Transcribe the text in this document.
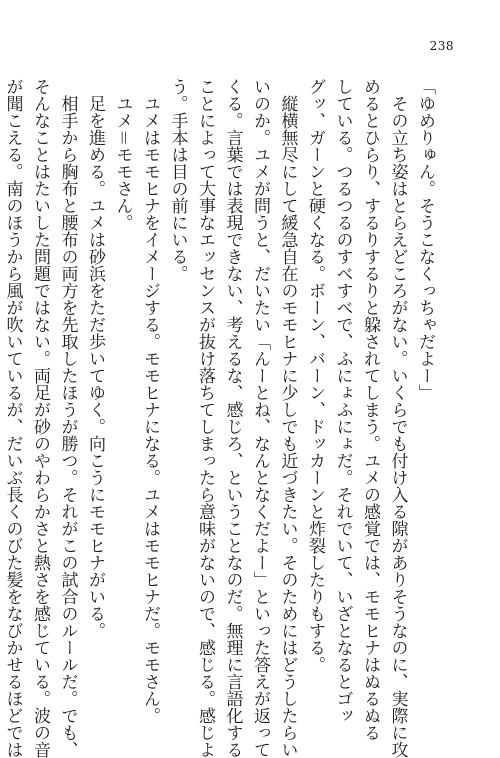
238
「ゆめりゅん。そうこなくっちゃだよー」
　その立ち姿はとらえどころがない。いくらでも付け入る隙がありそうなのに、実際に攻
めるとひらり、するりするりと躱されてしまう。ユメの感覚では、モモヒナはぬるぬる
している。つるつるのすべすべで、ふにょふにょだ。それでいて、いざとなるとゴッ
グッ、ガーンと硬くなる。ボーン、バーン、ドッカーンと炸裂したりもする。
　縦横無尽にして緩急自在のモモヒナに少しでも近づきたい。そのためにはどうしたらい
いのか。ユメが問うと、だいたい「んーとね、なんとなくだよー」といった答えが返って
くる。言葉では表現できない、考えるな、感じろ、ということなのだ。無理に言語化する
ことによって大事なエッセンスが抜け落ちてしまったら意味がないので、感じる。感じよ
う。手本は目の前にいる。
　ユメはモモヒナをイメージする。モモヒナになる。ユメはモモヒナだ。モモさん。
　ユメ＝モモさん。
　足を進める。ユメは砂浜をただ歩いてゆく。向こうにモモヒナがいる。
　相手から胸布と腰布の両方を先取したほうが勝つ。それがこの試合のルールだ。でも、
そんなことはたいした問題ではない。両足が砂のやわらかさと熱さを感じている。波の音
が聞こえる。南のほうから風が吹いているが、だいぶ長くのびた髪をなびかせるほどでは
